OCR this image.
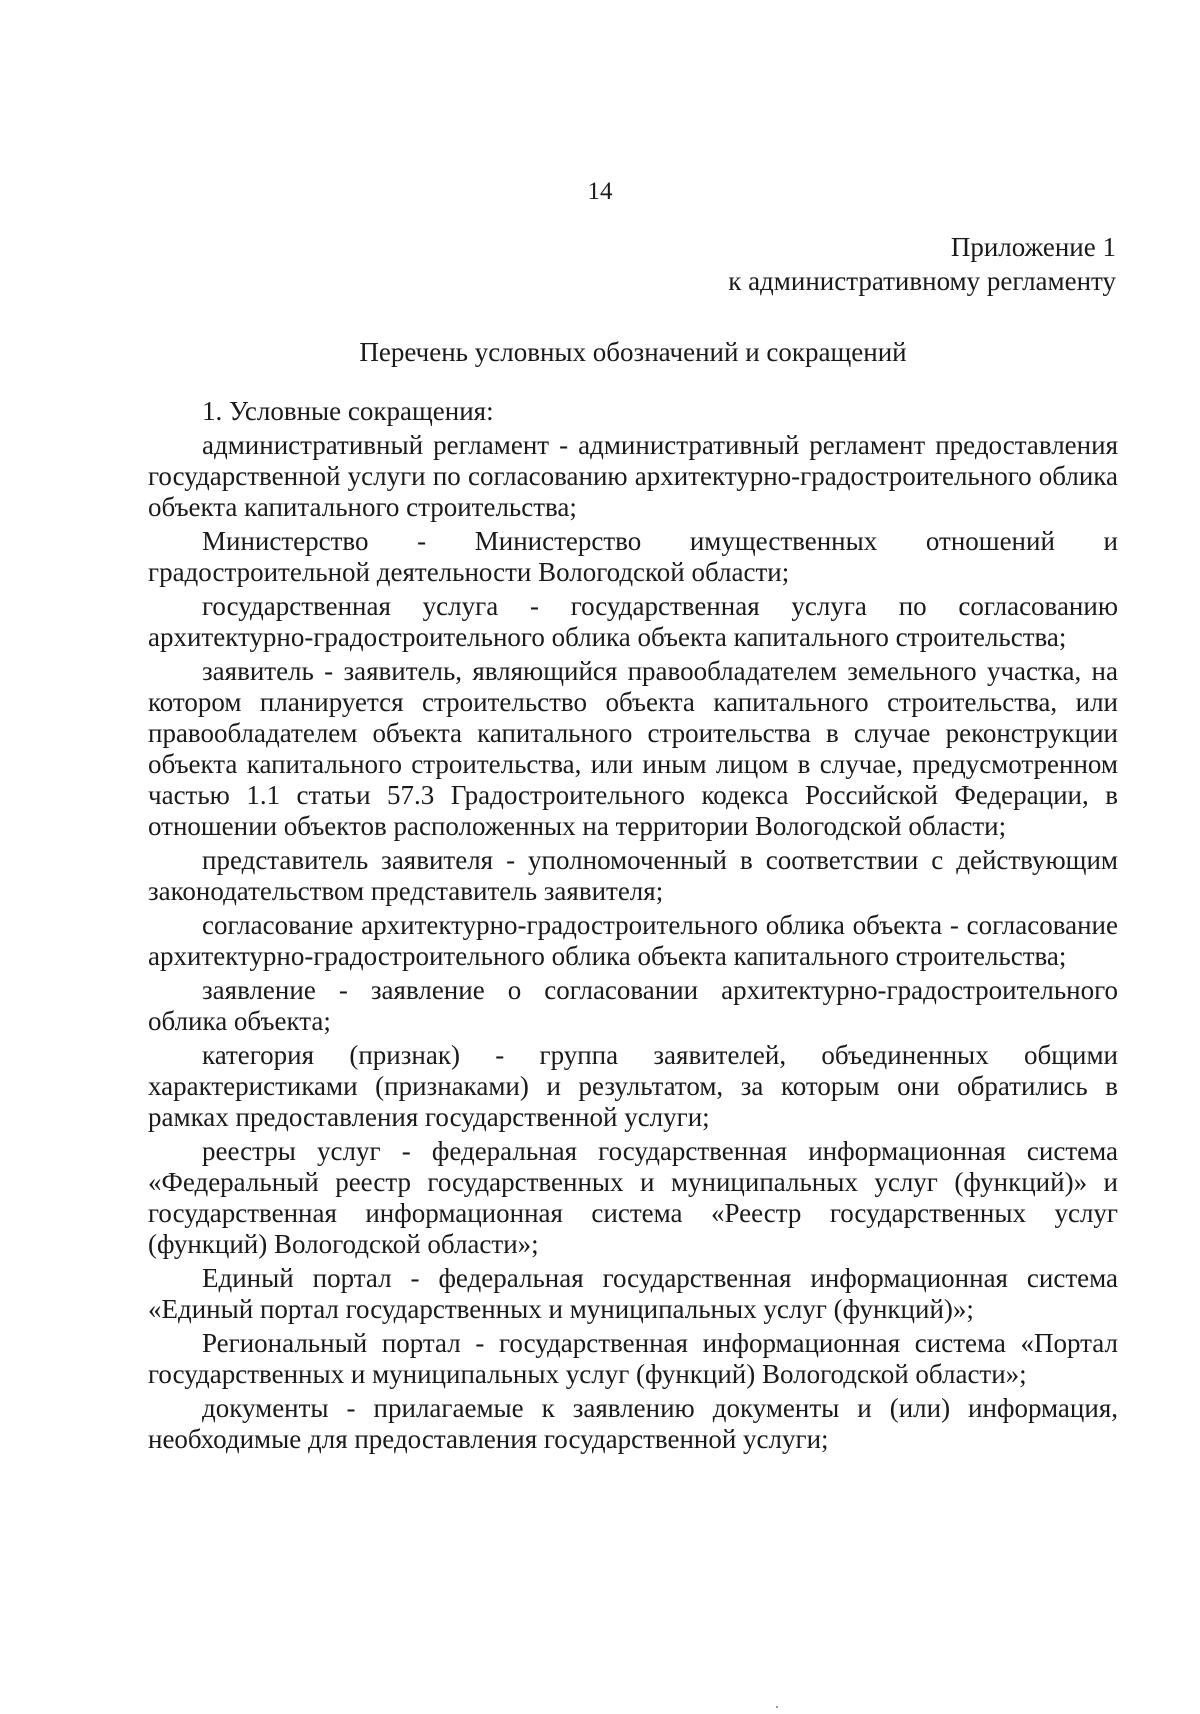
14
Приложение 1
к административному регламенту
Перечень условных обозначений и сокращений
1. Условные сокращения:

административный регламент - административный регламент предоставления государственной услуги по согласованию архитектурно-градостроительного облика объекта капитального строительства;

Министерство - Министерство имущественных отношений и градостроительной деятельности Вологодской области;

государственная услуга - государственная услуга по согласованию архитектурно-градостроительного облика объекта капитального строительства;

заявитель - заявитель, являющийся правообладателем земельного участка, на котором планируется строительство объекта капитального строительства, или правообладателем объекта капитального строительства в случае реконструкции объекта капитального строительства, или иным лицом в случае, предусмотренном частью 1.1 статьи 57.3 Градостроительного кодекса Российской Федерации, в отношении объектов расположенных на территории Вологодской области;

представитель заявителя - уполномоченный в соответствии с действующим законодательством представитель заявителя;

согласование архитектурно-градостроительного облика объекта - согласование архитектурно-градостроительного облика объекта капитального строительства;

заявление - заявление о согласовании архитектурно-градостроительного облика объекта;

категория (признак) - группа заявителей, объединенных общими характеристиками (признаками) и результатом, за которым они обратились в рамках предоставления государственной услуги;

реестры услуг - федеральная государственная информационная система «Федеральный реестр государственных и муниципальных услуг (функций)» и государственная информационная система «Реестр государственных услуг (функций) Вологодской области»;

Единый портал - федеральная государственная информационная система «Единый портал государственных и муниципальных услуг (функций)»;

Региональный портал - государственная информационная система «Портал государственных и муниципальных услуг (функций) Вологодской области»;

документы - прилагаемые к заявлению документы и (или) информация, необходимые для предоставления государственной услуги;
